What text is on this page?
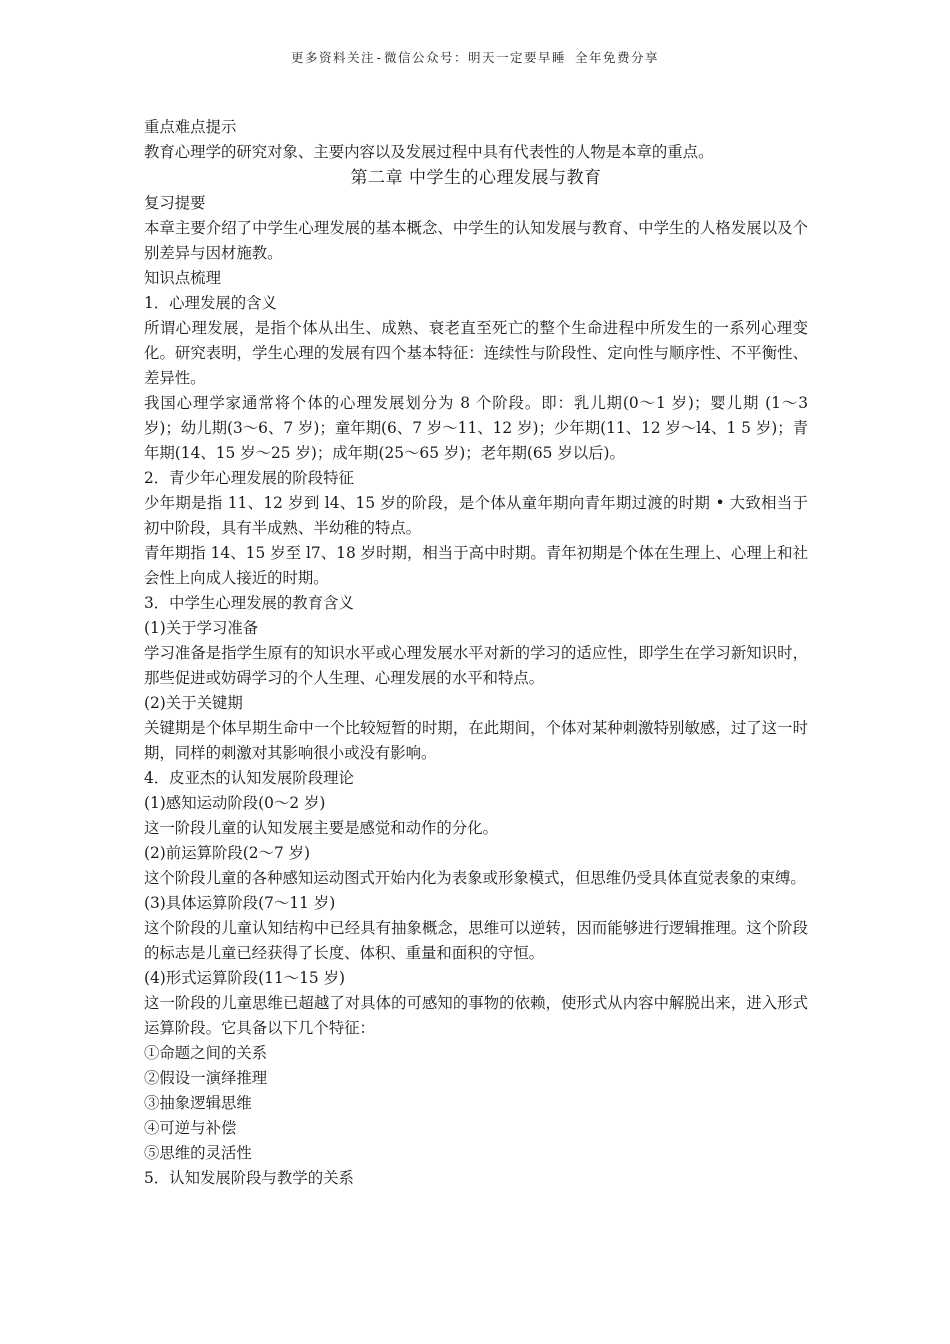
更多资料关注-微信公众号：明天一定要早睡 全年免费分享
重点难点提示
教育心理学的研究对象、主要内容以及发展过程中具有代表性的人物是本章的重点。
第二章 中学生的心理发展与教育
复习提要
本章主要介绍了中学生心理发展的基本概念、中学生的认知发展与教育、中学生的人格发展以及个别差异与因材施教。
知识点梳理
1．心理发展的含义
所谓心理发展，是指个体从出生、成熟、衰老直至死亡的整个生命进程中所发生的一系列心理变化。研究表明，学生心理的发展有四个基本特征：连续性与阶段性、定向性与顺序性、不平衡性、差异性。
我国心理学家通常将个体的心理发展划分为 8 个阶段。即：乳儿期(0～1 岁)；婴儿期 (1～3 岁)；幼儿期(3～6、7 岁)；童年期(6、7 岁～11、12 岁)；少年期(11、12 岁～l4、1 5 岁)；青年期(14、15 岁～25 岁)；成年期(25～65 岁)；老年期(65 岁以后)。
2．青少年心理发展的阶段特征
少年期是指 11、12 岁到 l4、15 岁的阶段，是个体从童年期向青年期过渡的时期 • 大致相当于初中阶段，具有半成熟、半幼稚的特点。
青年期指 14、15 岁至 l7、18 岁时期，相当于高中时期。青年初期是个体在生理上、心理上和社会性上向成人接近的时期。
3．中学生心理发展的教育含义
(1)关于学习准备
学习准备是指学生原有的知识水平或心理发展水平对新的学习的适应性，即学生在学习新知识时，那些促进或妨碍学习的个人生理、心理发展的水平和特点。
(2)关于关键期
关键期是个体早期生命中一个比较短暂的时期，在此期间，个体对某种刺激特别敏感，过了这一时期，同样的刺激对其影响很小或没有影响。
4．皮亚杰的认知发展阶段理论
(1)感知运动阶段(0～2 岁)
这一阶段儿童的认知发展主要是感觉和动作的分化。
(2)前运算阶段(2～7 岁)
这个阶段儿童的各种感知运动图式开始内化为表象或形象模式，但思维仍受具体直觉表象的束缚。
(3)具体运算阶段(7～11 岁)
这个阶段的儿童认知结构中已经具有抽象概念，思维可以逆转，因而能够进行逻辑推理。这个阶段的标志是儿童已经获得了长度、体积、重量和面积的守恒。
(4)形式运算阶段(11～15 岁)
这一阶段的儿童思维已超越了对具体的可感知的事物的依赖，使形式从内容中解脱出来，进入形式运算阶段。它具备以下几个特征：
①命题之间的关系
②假设一演绎推理
③抽象逻辑思维
④可逆与补偿
⑤思维的灵活性
5．认知发展阶段与教学的关系
